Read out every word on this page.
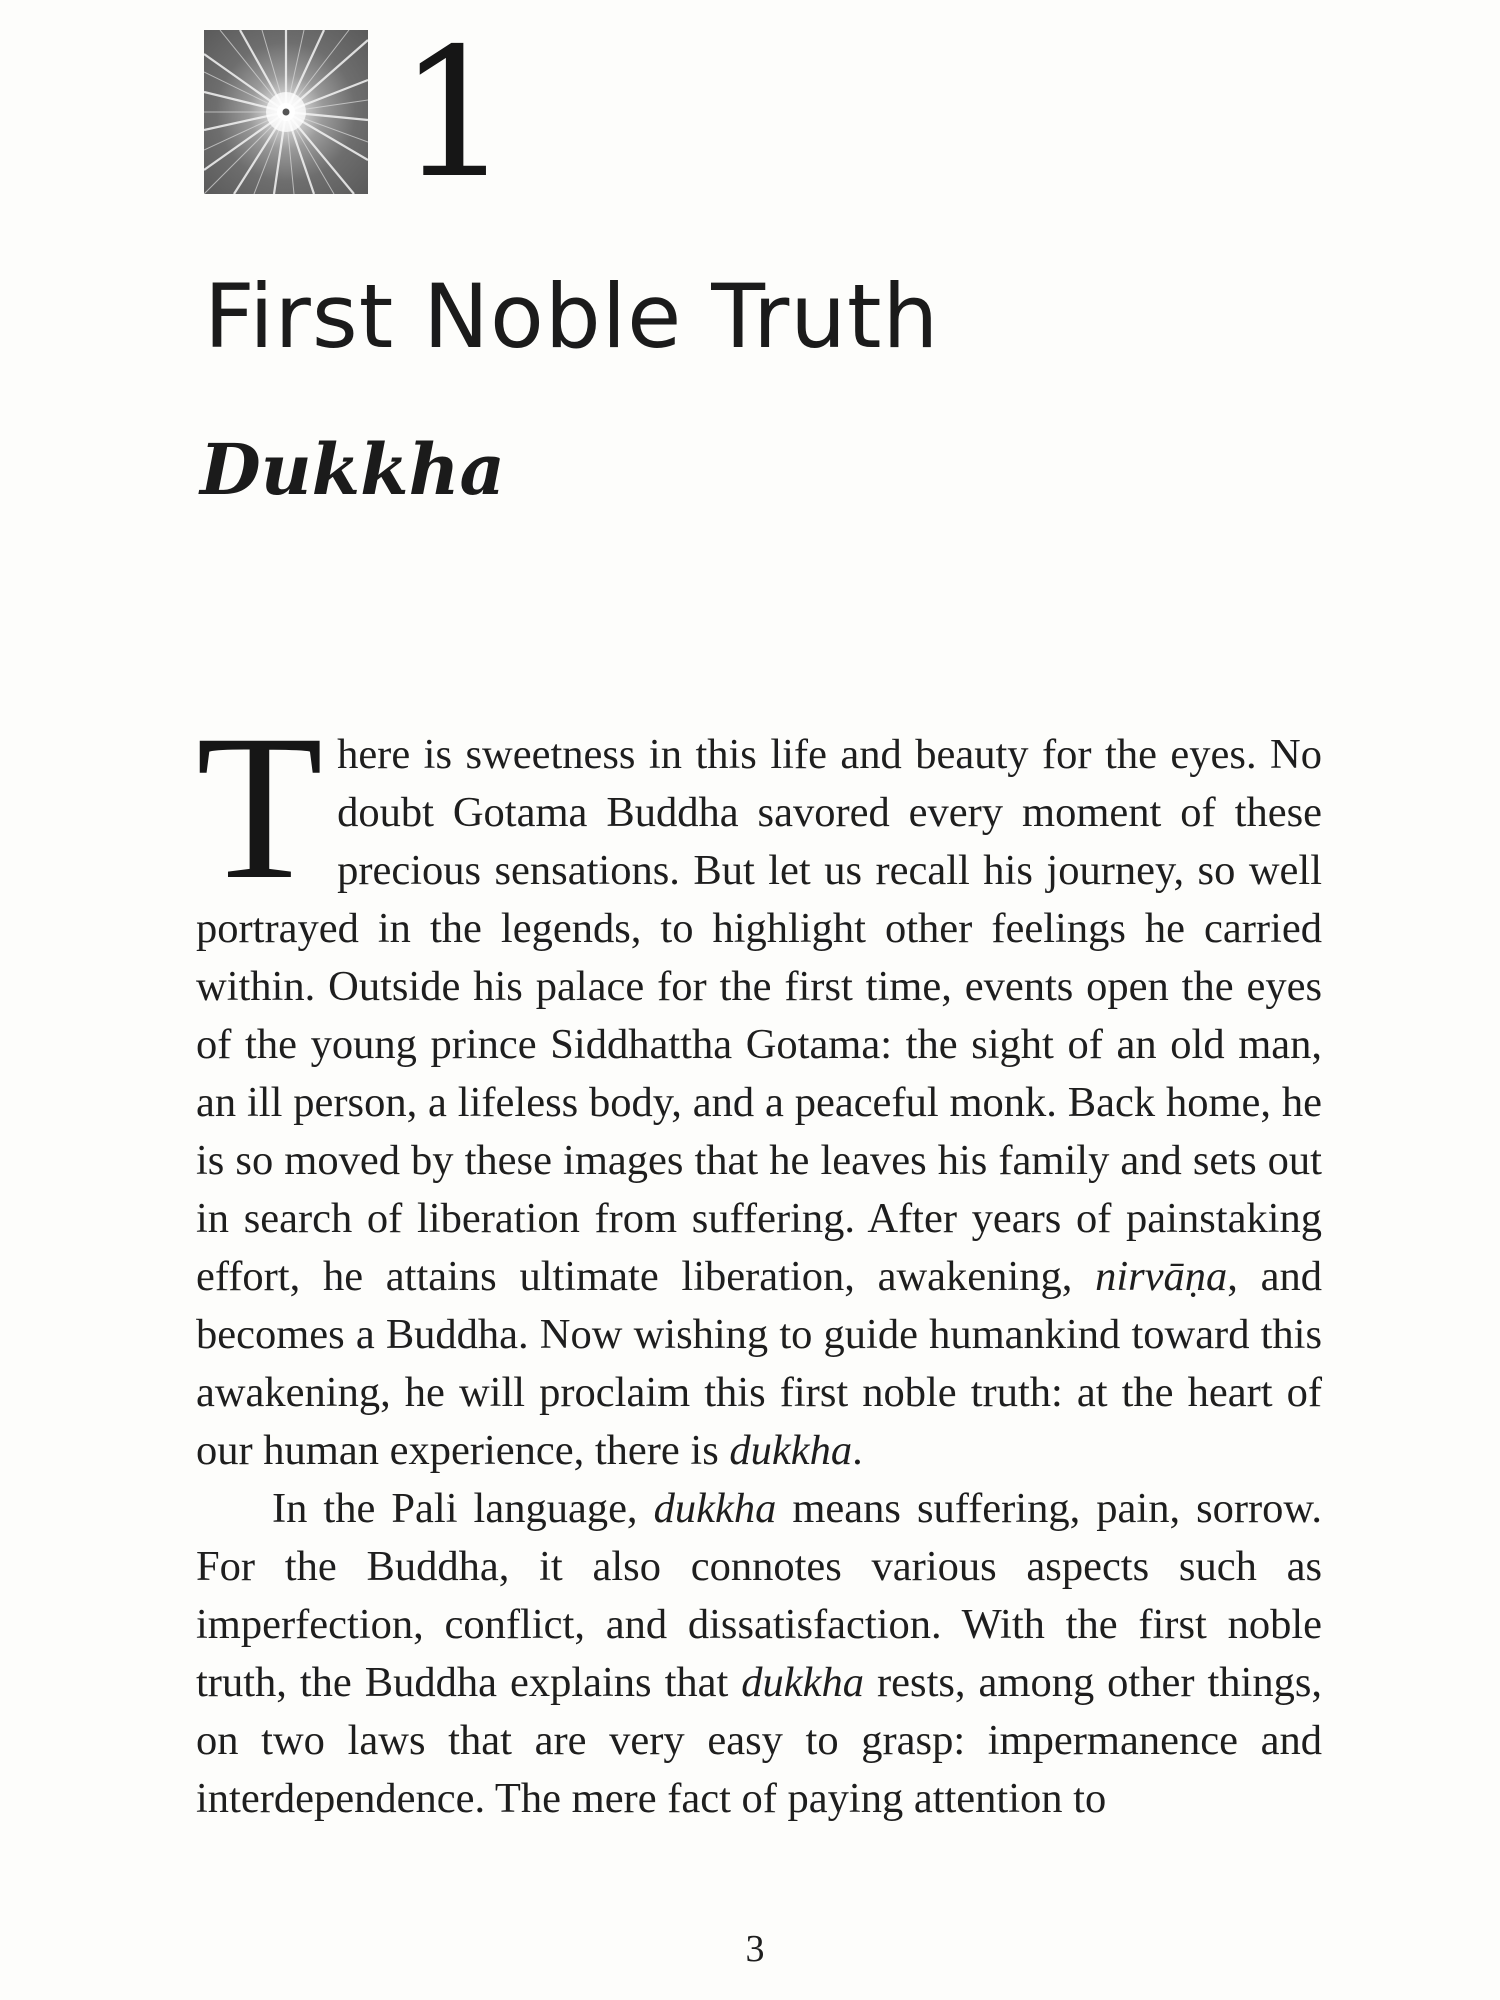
1
First Noble Truth
Dukkha

There is sweetness in this life and beauty for the eyes. No doubt Gotama Buddha savored every moment of these precious sensations. But let us recall his journey, so well portrayed in the legends, to highlight other feelings he carried within. Outside his palace for the first time, events open the eyes of the young prince Siddhattha Gotama: the sight of an old man, an ill person, a lifeless body, and a peaceful monk. Back home, he is so moved by these images that he leaves his family and sets out in search of liberation from suffering. After years of painstaking effort, he attains ultimate liberation, awakening, nirvāṇa, and becomes a Buddha. Now wishing to guide humankind toward this awakening, he will proclaim this first noble truth: at the heart of our human experience, there is dukkha.

In the Pali language, dukkha means suffering, pain, sorrow. For the Buddha, it also connotes various aspects such as imperfection, conflict, and dissatisfaction. With the first noble truth, the Buddha explains that dukkha rests, among other things, on two laws that are very easy to grasp: impermanence and interdependence. The mere fact of paying attention to

3
